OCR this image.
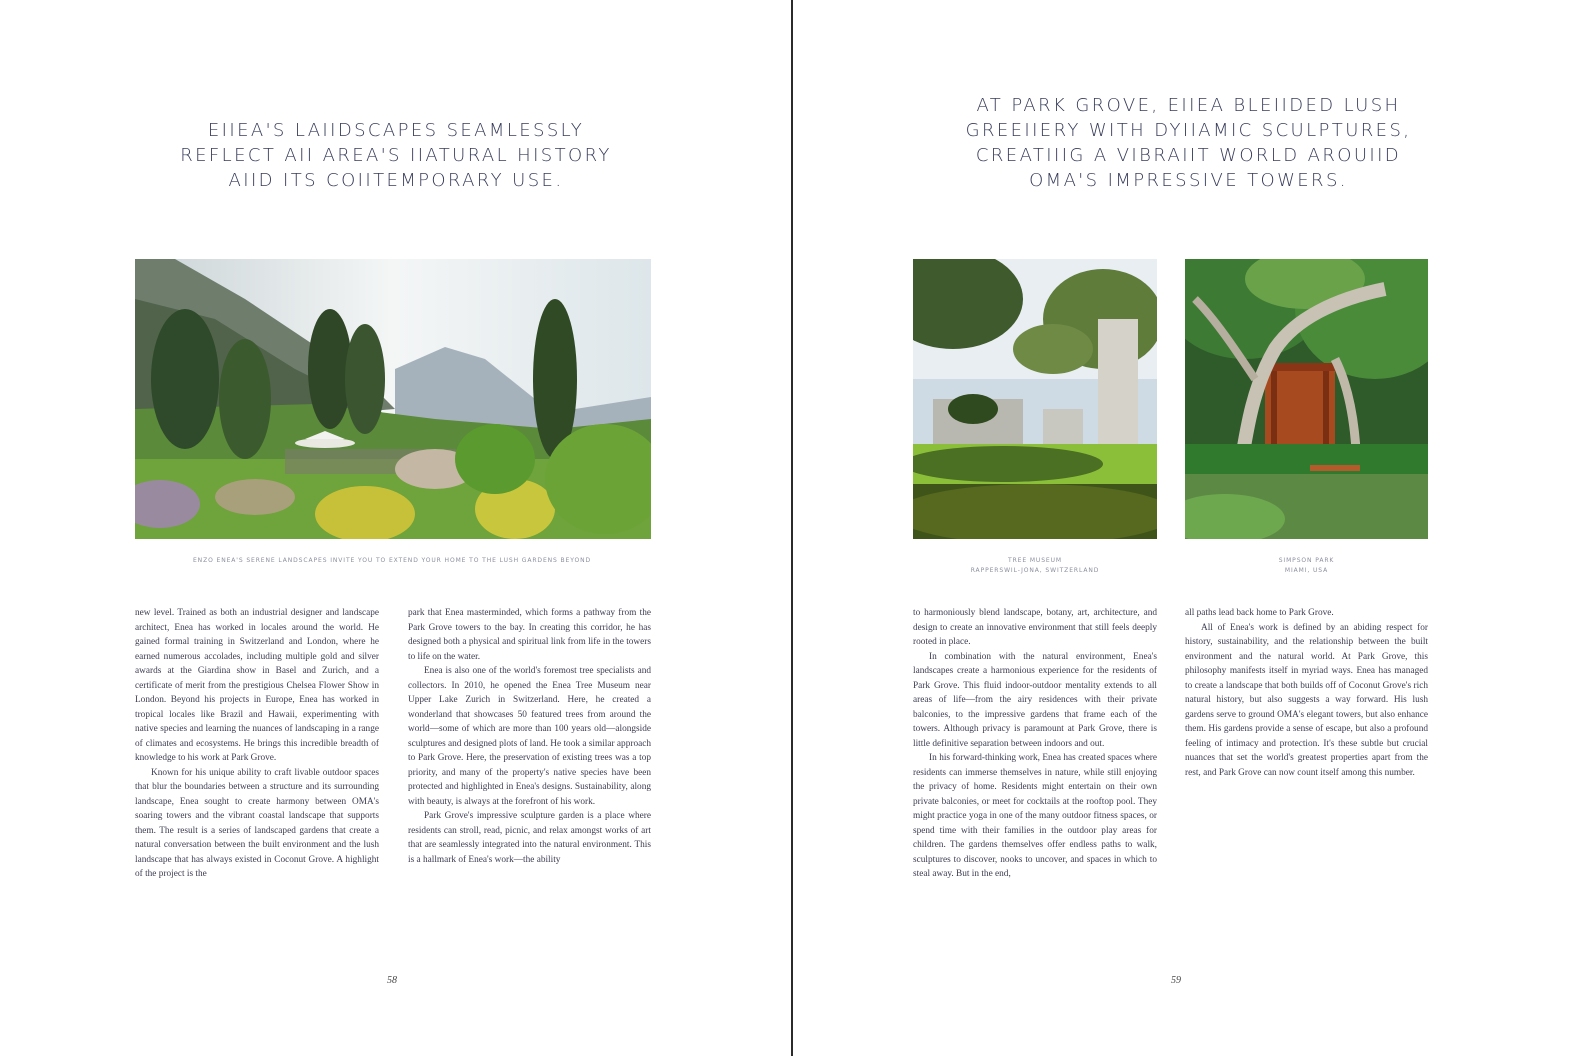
EIIEA'S LAIIDSCAPES SEAMLESSLY
REFLECT AII AREA'S IIATURAL HISTORY
AIID ITS COIITEMPORARY USE.
ENZO ENEA'S SERENE LANDSCAPES INVITE YOU TO EXTEND YOUR HOME TO THE LUSH GARDENS BEYOND

new level. Trained as both an industrial designer and landscape architect, Enea has worked in locales around the world. He gained formal training in Switzerland and London, where he earned numerous accolades, including multiple gold and silver awards at the Giardina show in Basel and Zurich, and a certificate of merit from the prestigious Chelsea Flower Show in London. Beyond his projects in Europe, Enea has worked in tropical locales like Brazil and Hawaii, experimenting with native species and learning the nuances of landscaping in a range of climates and ecosystems. He brings this incredible breadth of knowledge to his work at Park Grove.

Known for his unique ability to craft livable outdoor spaces that blur the boundaries between a structure and its surrounding landscape, Enea sought to create harmony between OMA's soaring towers and the vibrant coastal landscape that supports them. The result is a series of landscaped gardens that create a natural conversation between the built environment and the lush landscape that has always existed in Coconut Grove. A highlight of the project is the

park that Enea masterminded, which forms a pathway from the Park Grove towers to the bay. In creating this corridor, he has designed both a physical and spiritual link from life in the towers to life on the water.

Enea is also one of the world's foremost tree specialists and collectors. In 2010, he opened the Enea Tree Museum near Upper Lake Zurich in Switzerland. Here, he created a wonderland that showcases 50 featured trees from around the world—some of which are more than 100 years old—alongside sculptures and designed plots of land. He took a similar approach to Park Grove. Here, the preservation of existing trees was a top priority, and many of the property's native species have been protected and highlighted in Enea's designs. Sustainability, along with beauty, is always at the forefront of his work.

Park Grove's impressive sculpture garden is a place where residents can stroll, read, picnic, and relax amongst works of art that are seamlessly integrated into the natural environment. This is a hallmark of Enea's work—the ability

58
AT PARK GROVE, EIIEA BLEIIDED LUSH
GREEIIERY WITH DYIIAMIC SCULPTURES,
CREATIIIG A VIBRAIIT WORLD AROUIID
OMA'S IMPRESSIVE TOWERS.
TREE MUSEUM
RAPPERSWIL-JONA, SWITZERLAND
SIMPSON PARK
MIAMI, USA

to harmoniously blend landscape, botany, art, architecture, and design to create an innovative environment that still feels deeply rooted in place.

In combination with the natural environment, Enea's landscapes create a harmonious experience for the residents of Park Grove. This fluid indoor-outdoor mentality extends to all areas of life—from the airy residences with their private balconies, to the impressive gardens that frame each of the towers. Although privacy is paramount at Park Grove, there is little definitive separation between indoors and out.

In his forward-thinking work, Enea has created spaces where residents can immerse themselves in nature, while still enjoying the privacy of home. Residents might entertain on their own private balconies, or meet for cocktails at the rooftop pool. They might practice yoga in one of the many outdoor fitness spaces, or spend time with their families in the outdoor play areas for children. The gardens themselves offer endless paths to walk, sculptures to discover, nooks to uncover, and spaces in which to steal away. But in the end,

all paths lead back home to Park Grove.

All of Enea's work is defined by an abiding respect for history, sustainability, and the relationship between the built environment and the natural world. At Park Grove, this philosophy manifests itself in myriad ways. Enea has managed to create a landscape that both builds off of Coconut Grove's rich natural history, but also suggests a way forward. His lush gardens serve to ground OMA's elegant towers, but also enhance them. His gardens provide a sense of escape, but also a profound feeling of intimacy and protection. It's these subtle but crucial nuances that set the world's greatest properties apart from the rest, and Park Grove can now count itself among this number.

59
